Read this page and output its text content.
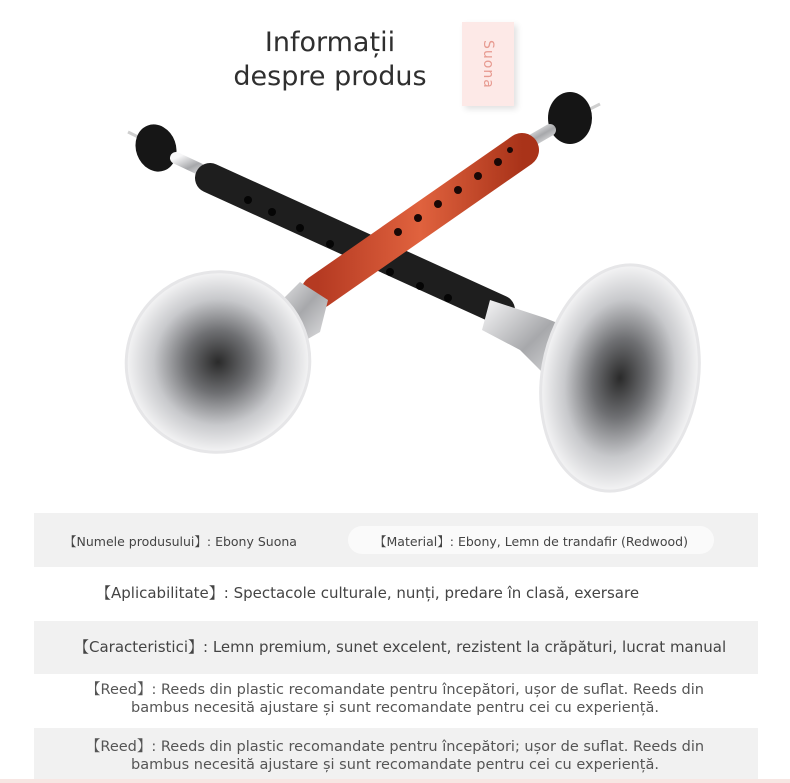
Informații
despre produs	Suona
【Numele produsului】: Ebony Suona	【Material】: Ebony, Lemn de trandafir (Redwood)
【Aplicabilitate】: Spectacole culturale, nunți, predare în clasă, exersare
【Caracteristici】: Lemn premium, sunet excelent, rezistent la crăpături, lucrat manual
【Reed】: Reeds din plastic recomandate pentru începători, ușor de suflat. Reeds din
bambus necesită ajustare și sunt recomandate pentru cei cu experiență.
【Reed】: Reeds din plastic recomandate pentru începători; ușor de suflat. Reeds din
bambus necesită ajustare și sunt recomandate pentru cei cu experiență.
